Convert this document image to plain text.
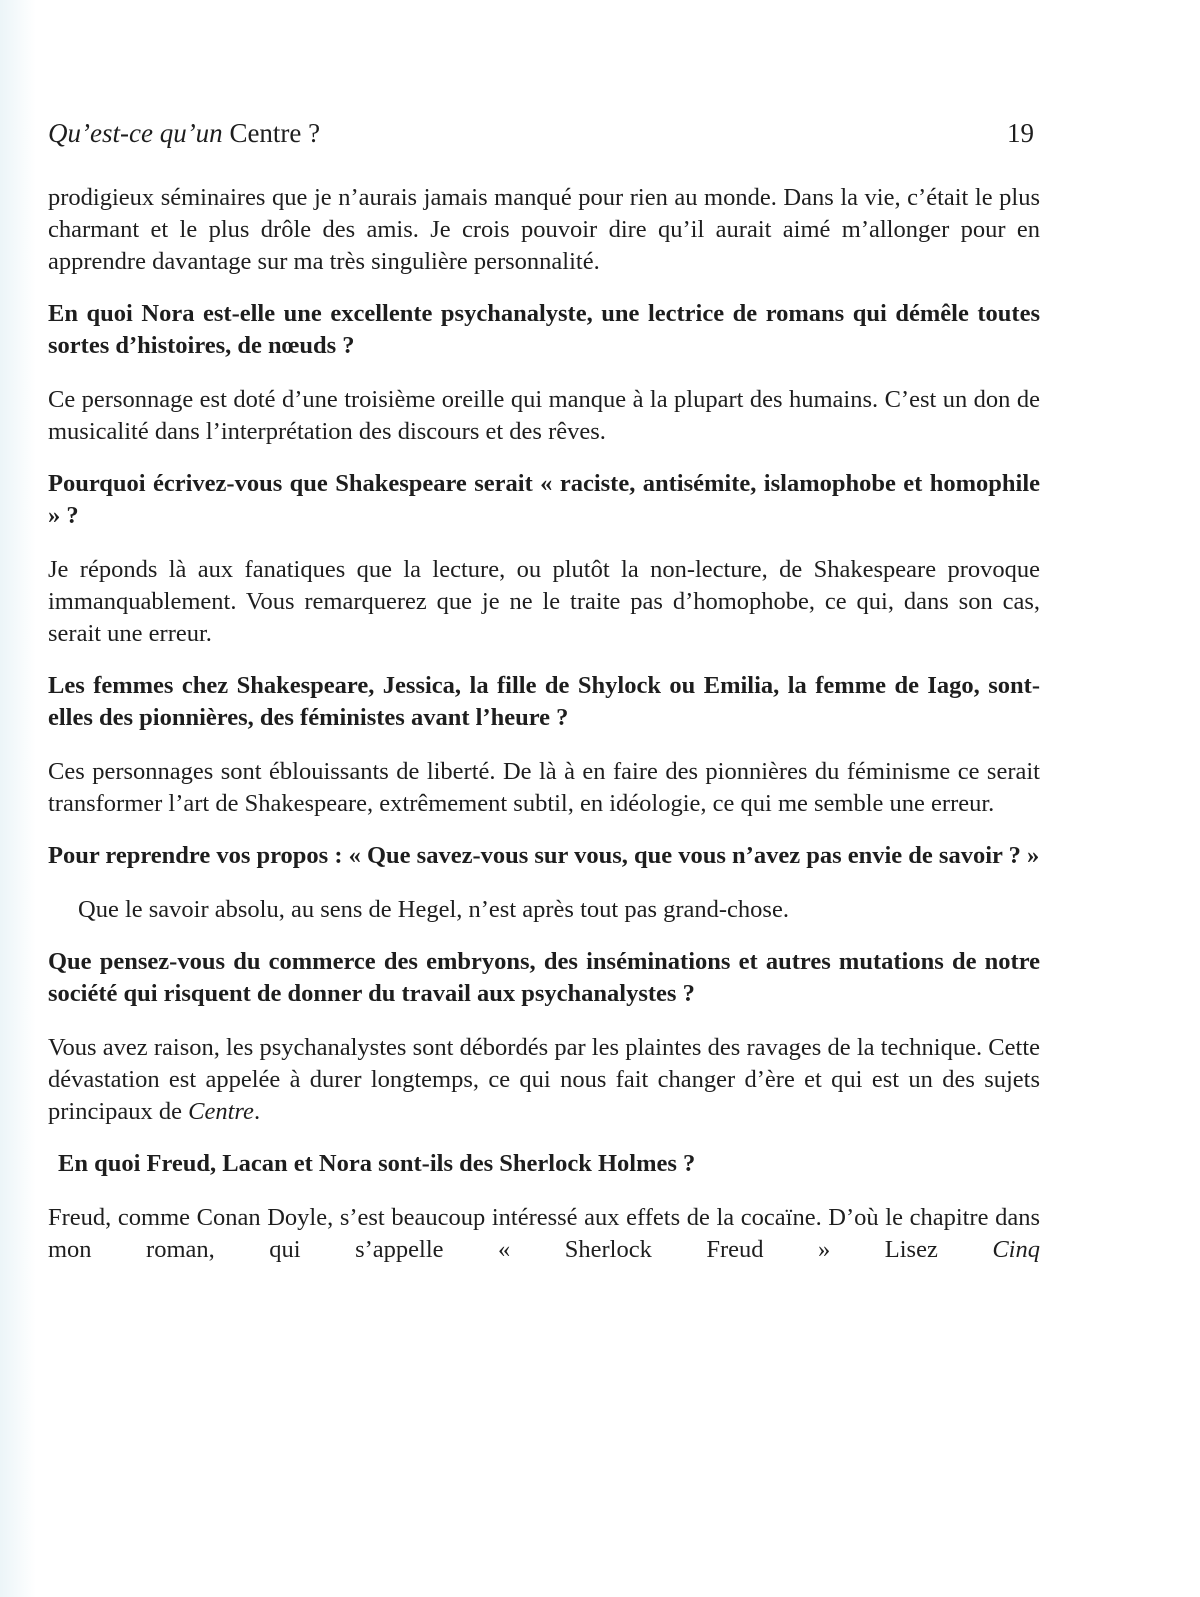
Qu’est-ce qu’un Centre ?	19

prodigieux séminaires que je n’aurais jamais manqué pour rien au monde. Dans la vie, c’était le plus charmant et le plus drôle des amis. Je crois pouvoir dire qu’il aurait aimé m’allonger pour en apprendre davantage sur ma très singulière personnalité.

En quoi Nora est-elle une excellente psychanalyste, une lectrice de romans qui démêle toutes sortes d’histoires, de nœuds ?

Ce personnage est doté d’une troisième oreille qui manque à la plupart des humains. C’est un don de musicalité dans l’interprétation des discours et des rêves.

Pourquoi écrivez-vous que Shakespeare serait « raciste, antisémite, islamophobe et homophile » ?

Je réponds là aux fanatiques que la lecture, ou plutôt la non-lecture, de Shakespeare provoque immanquablement. Vous remarquerez que je ne le traite pas d’homophobe, ce qui, dans son cas, serait une erreur.

Les femmes chez Shakespeare, Jessica, la fille de Shylock ou Emilia, la femme de Iago, sont-elles des pionnières, des féministes avant l’heure ?

Ces personnages sont éblouissants de liberté. De là à en faire des pionnières du féminisme ce serait transformer l’art de Shakespeare, extrêmement subtil, en idéologie, ce qui me semble une erreur.

Pour reprendre vos propos : « Que savez-vous sur vous, que vous n’avez pas envie de savoir ? »

Que le savoir absolu, au sens de Hegel, n’est après tout pas grand-chose.

Que pensez-vous du commerce des embryons, des inséminations et autres mutations de notre société qui risquent de donner du travail aux psychanalystes ?

Vous avez raison, les psychanalystes sont débordés par les plaintes des ravages de la technique. Cette dévastation est appelée à durer longtemps, ce qui nous fait changer d’ère et qui est un des sujets principaux de Centre.

En quoi Freud, Lacan et Nora sont-ils des Sherlock Holmes ?

Freud, comme Conan Doyle, s’est beaucoup intéressé aux effets de la cocaïne. D’où le chapitre dans mon roman, qui s’appelle « Sherlock Freud » Lisez Cinq
